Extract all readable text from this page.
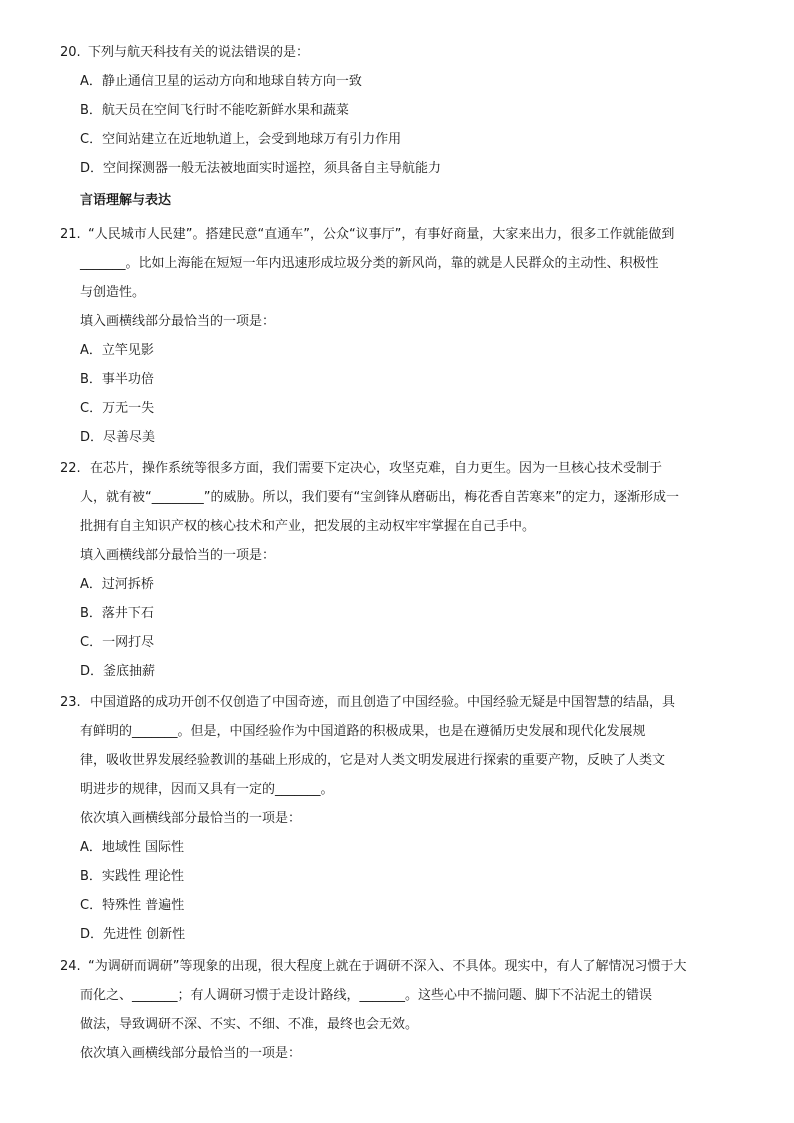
20. 下列与航天科技有关的说法错误的是：
A．静止通信卫星的运动方向和地球自转方向一致
B．航天员在空间飞行时不能吃新鲜水果和蔬菜
C．空间站建立在近地轨道上，会受到地球万有引力作用
D．空间探测器一般无法被地面实时遥控，须具备自主导航能力
言语理解与表达
21. “人民城市人民建”。搭建民意“直通车”，公众“议事厅”，有事好商量，大家来出力，很多工作就能做到
_______。比如上海能在短短一年内迅速形成垃圾分类的新风尚，靠的就是人民群众的主动性、积极性
与创造性。
填入画横线部分最恰当的一项是：
A．立竿见影
B．事半功倍
C．万无一失
D．尽善尽美
22. 在芯片，操作系统等很多方面，我们需要下定决心，攻坚克难，自力更生。因为一旦核心技术受制于
人，就有被“________”的威胁。所以，我们要有“宝剑锋从磨砺出，梅花香自苦寒来”的定力，逐渐形成一
批拥有自主知识产权的核心技术和产业，把发展的主动权牢牢掌握在自己手中。
填入画横线部分最恰当的一项是：
A．过河拆桥
B．落井下石
C．一网打尽
D．釜底抽薪
23. 中国道路的成功开创不仅创造了中国奇迹，而且创造了中国经验。中国经验无疑是中国智慧的结晶，具
有鲜明的_______。但是，中国经验作为中国道路的积极成果，也是在遵循历史发展和现代化发展规
律，吸收世界发展经验教训的基础上形成的，它是对人类文明发展进行探索的重要产物，反映了人类文
明进步的规律，因而又具有一定的_______。
依次填入画横线部分最恰当的一项是：
A．地域性 国际性
B．实践性 理论性
C．特殊性 普遍性
D．先进性 创新性
24. “为调研而调研”等现象的出现，很大程度上就在于调研不深入、不具体。现实中，有人了解情况习惯于大
而化之、_______；有人调研习惯于走设计路线，_______。这些心中不揣问题、脚下不沾泥土的错误
做法，导致调研不深、不实、不细、不准，最终也会无效。
依次填入画横线部分最恰当的一项是：
